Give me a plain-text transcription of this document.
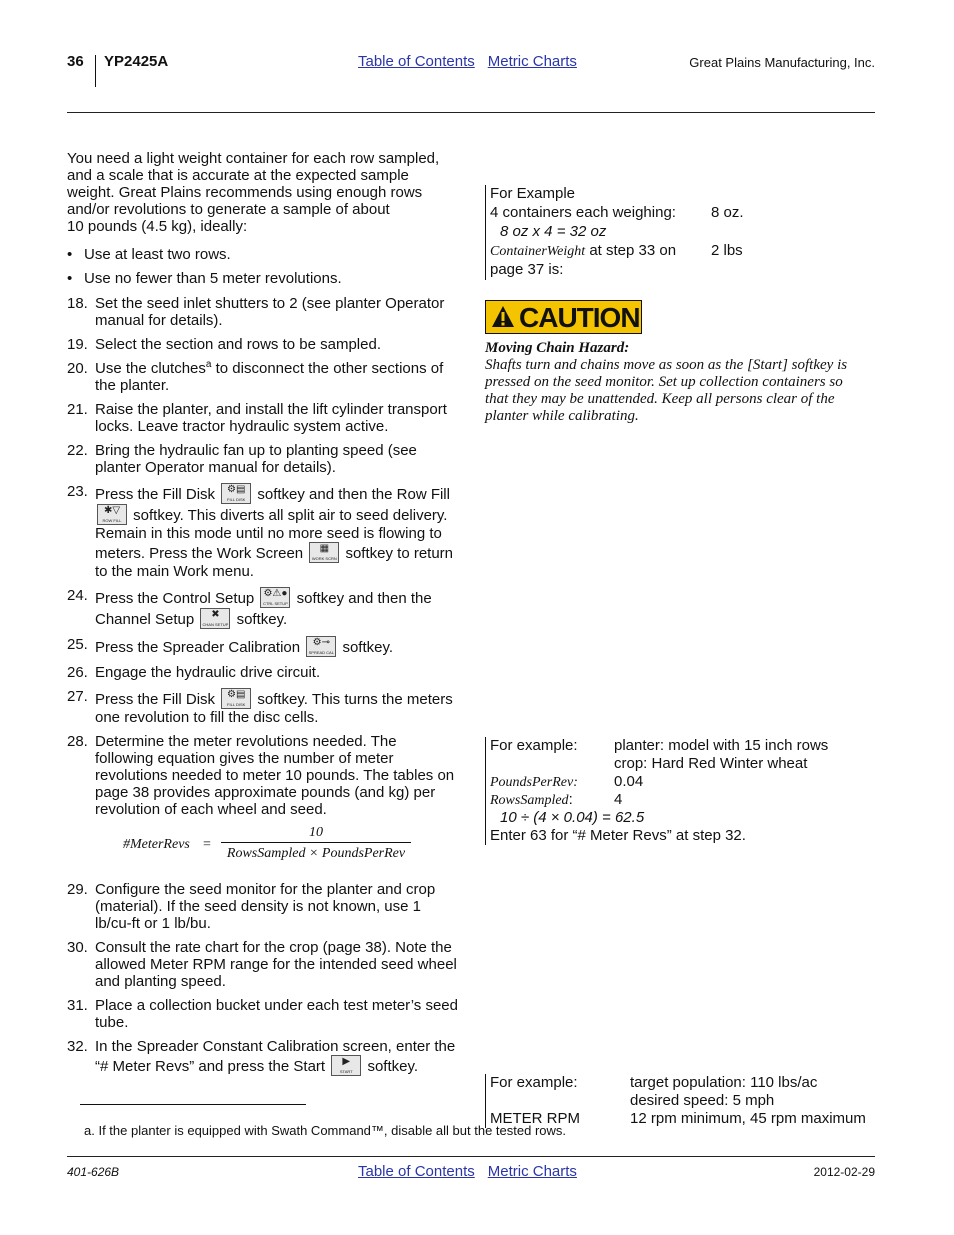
36 YP2425A	Table of Contents Metric Charts	Great Plains Manufacturing, Inc.

You need a light weight container for each row sampled,
and a scale that is accurate at the expected sample
weight. Great Plains recommends using enough rows
and/or revolutions to generate a sample of about
10 pounds (4.5 kg), ideally:

• Use at least two rows.
• Use no fewer than 5 meter revolutions.
18. Set the seed inlet shutters to 2 (see planter Operator manual for details).
19. Select the section and rows to be sampled.
20. Use the clutches$^a$ to disconnect the other sections of the planter.
21. Raise the planter, and install the lift cylinder transport locks. Leave tractor hydraulic system active.
22. Bring the hydraulic fan up to planting speed (see planter Operator manual for details).
23. Press the Fill Disk	⚙▤
FILL DISK softkey and then the Row Fill
✱▽
ROW FILL softkey. This diverts all split air to seed delivery. Remain in this mode until no more seed is flowing to meters. Press the Work Screen	▦
WORK SCRN softkey to return to the main Work menu.
24. Press the Control Setup ⚙⚠●
CTRL SETUP softkey and then the Channel Setup	✖
CHAN SETUP softkey.
25. Press the Spreader Calibration	⚙⊸
SPREAD CAL softkey.
26. Engage the hydraulic drive circuit.
27. Press the Fill Disk	⚙▤
FILL DISK softkey. This turns the meters one revolution to fill the disc cells.
28. Determine the meter revolutions needed. The following equation gives the number of meter revolutions needed to meter 10 pounds. The tables on page 38 provides approximate pounds (and kg) per revolution of each wheel and seed.
#MeterRevs =
10
RowsSampled × PoundsPerRev
29. Configure the seed monitor for the planter and crop (material). If the seed density is not known, use 1 lb/cu-ft or 1 lb/bu.
30. Consult the rate chart for the crop (page 38). Note the allowed Meter RPM range for the intended seed wheel and planting speed.
31. Place a collection bucket under each test meter’s seed tube.
32. In the Spreader Constant Calibration screen, enter the “# Meter Revs” and press the Start	▶
START softkey.
For Example
4 containers each weighing: 8 oz.
8 oz x 4 = 32 oz
ContainerWeight at step 33 on 2 lbs
page 37 is:
CAUTION
Moving Chain Hazard:
Shafts turn and chains move as soon as the [Start] softkey is pressed on the seed monitor. Set up collection containers so that they may be unattended. Keep all persons clear of the planter while calibrating.
For example: planter: model with 15 inch rows
crop: Hard Red Winter wheat
PoundsPerRev: 0.04
RowsSampled:	4
10 ÷ (4 × 0.04) = 62.5
Enter 63 for “# Meter Revs” at step 32.
For example:	target population: 110 lbs/ac
desired speed: 5 mph
METER RPM	12 rpm minimum, 45 rpm maximum
a. If the planter is equipped with Swath Command™, disable all but the tested rows.
401-626B	Table of Contents Metric Charts	2012-02-29
